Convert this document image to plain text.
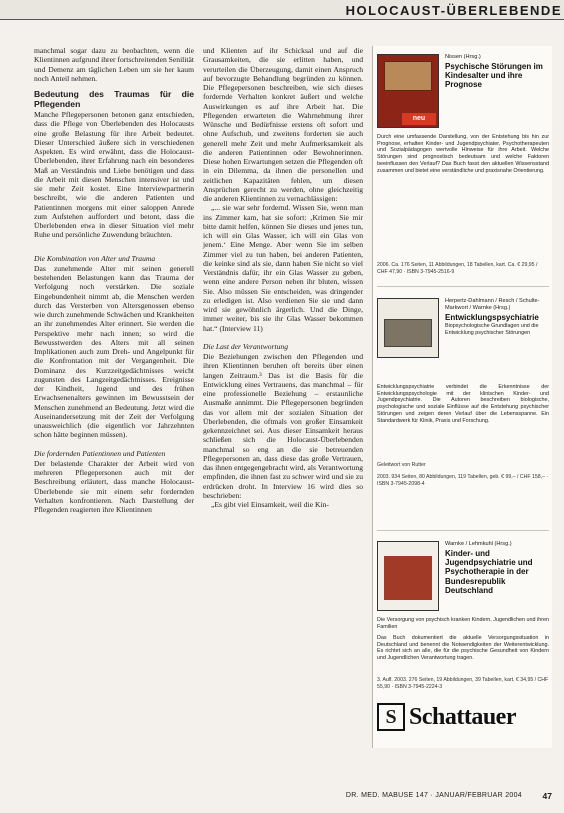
HOLOCAUST-ÜBERLEBENDE

manchmal sogar dazu zu beobachten, wenn die Klientinnen aufgrund ihrer fortschreitenden Senilität und Demenz am täglichen Leben um sie her kaum noch Anteil nehmen.

Bedeutung des Traumas für die Pflegenden

Manche Pflegepersonen betonen ganz entschieden, dass die Pflege von Überlebenden des Holocausts eine große Belastung für ihre Arbeit bedeutet. Dieser Unterschied äußere sich in verschiedenen Aspekten. Es wird erwähnt, dass die Holocaust-Überlebenden, ihrer Erfahrung nach ein besonderes Maß an Verständnis und Liebe benötigen und dass die Arbeit mit diesen Menschen intensiver ist und sie mehr Zeit kostet. Eine Interviewpartnerin beschreibt, wie die anderen Patienten und Patientinnen morgens mit einer saloppen Anrede zum Aufstehen auffordert und betont, dass die Überlebenden etwa in dieser Situation viel mehr Ruhe und persönliche Zuwendung bräuchten.

Die Kombination von Alter und Trauma

Das zunehmende Alter mit seinen generell bestehenden Belastungen kann das Trauma der Verfolgung noch verstärken. Die soziale Eingebundenheit nimmt ab, die Menschen werden durch das Versterben von Altersgenossen ebenso wie durch zunehmende Schwächen und Krankheiten an ihr zunehmendes Alter erinnert. Sie werden die Perspektive mehr nach innen; so wird die Bewusstwerden des Alters mit all seinen Implikationen auch zum Dreh- und Angelpunkt für die Konfrontation mit der Vergangenheit. Die Dominanz des Kurzzeitgedächtnisses weicht zugunsten des Langzeitgedächtnisses. Ereignisse der Kindheit, Jugend und des frühen Erwachsenenalters gewinnen im Bewusstsein der Menschen zunehmend an Bedeutung. Jetzt wird die Auseinandersetzung mit der Zeit der Verfolgung unausweichlich (die eigentlich vor Jahrzehnten schon hätte beginnen müssen).

Die fordernden Patientinnen und Patienten

Der belastende Charakter der Arbeit wird von mehreren Pflegepersonen auch mit der Beschreibung erläutert, dass manche Holocaust-Überlebende sie mit einem sehr fordernden Verhalten konfrontieren. Nach Darstellung der Pflegenden reagierten ihre Klientinnen

und Klienten auf ihr Schicksal und auf die Grausamkeiten, die sie erlitten haben, und verurteilen die Überzeugung, damit einen Anspruch auf bevorzugte Behandlung begründen zu können. Die Pflegepersonen beschreiben, wie sich dieses fordernde Verhalten konkret äußert und welche Auswirkungen es auf ihre Arbeit hat. Die Pflegenden erwarteten die Wahrnehmung ihrer Wünsche und Bedürfnisse erstens oft sofort und ohne Aufschub, und zweitens forderten sie auch generell mehr Zeit und mehr Aufmerksamkeit als die anderen Patientinnen oder Bewohnerinnen. Diese hohen Erwartungen setzen die Pflegenden oft in ein Dilemma, da ihnen die personellen und zeitlichen Kapazitäten fehlen, um diesen Ansprüchen gerecht zu werden, ohne gleichzeitig die anderen Klientinnen zu vernachlässigen:

„... sie war sehr fordernd. Wissen Sie, wenn man ins Zimmer kam, hat sie sofort: ‚Krimen Sie mir bitte damit helfen, können Sie dieses und jenes tun, ich will ein Glas Wasser, ich will ein Glas von jenem.‘ Eine Menge. Aber wenn Sie im selben Zimmer viel zu tun haben, bei anderen Patienten, die keinke sind als sie, dann haben Sie nicht so viel Verständnis dafür, ihr ein Glas Wasser zu geben, wenn eine andere Person neben ihr bluten, wissen Sie. Also müssen Sie entscheiden, was dringender zu erledigen ist. Also verdienen Sie sie und dann wird sie gewöhnlich ärgerlich. Und die Dinge, immer weiter, bis sie ihr Glas Wasser bekommen hat.“ (Interview 11)

Die Last der Verantwortung

Die Beziehungen zwischen den Pflegenden und ihren Klientinnen beruhen oft bereits über einen langen Zeitraum.³ Das ist die Basis für die Entwicklung eines Vertrauens, das manchmal – für eine professionelle Beziehung – erstaunliche Ausmaße annimmt. Die Pflegepersonen begründen das vor allem mit der sozialen Situation der Überlebenden, die oftmals von großer Einsamkeit gekennzeichnet sei. Aus dieser Einsamkeit heraus schließen sich die Holocaust-Überlebenden manchmal so eng an die sie betreuenden Pflegepersonen an, dass diese das große Vertrauen, das ihnen entgegengebracht wird, als Verantwortung empfinden, die ihnen fast zu schwer wird und sie zu erdrücken droht. In Interview 16 wird dies so beschrieben:

„Es gibt viel Einsamkeit, weil die Kin-

neu
Nissen (Hrsg.)
Psychische Störungen im Kindesalter und ihre Prognose
Durch eine umfassende Darstellung, von der Entstehung bis hin zur Prognose, erhalten Kinder- und Jugendpsychiater, Psychotherapeuten und Sozialpädagogen wertvolle Hinweise für ihre Arbeit. Welche Störungen sind prognostisch bedeutsam und welche Faktoren beeinflussen den Verlauf? Das Buch fasst den aktuellen Wissensstand zusammen und bietet eine verständliche und praxisnahe Orientierung.
2006. Ca. 176 Seiten, 11 Abbildungen, 18 Tabellen, kart. Ca. € 29,95 / CHF 47,90 · ISBN 3-7945-2516-9
Herpertz-Dahlmann / Resch / Schulte-Markwort / Warnke (Hrsg.)
Entwicklungspsychiatrie
Biopsychologische Grundlagen und die Entwicklung psychischer Störungen
Entwicklungspsychiatrie verbindet die Erkenntnisse der Entwicklungspsychologie mit der klinischen Kinder- und Jugendpsychiatrie. Die Autoren beschreiben biologische, psychologische und soziale Einflüsse auf die Entstehung psychischer Störungen und zeigen deren Verlauf über die Lebensspanne. Ein Standardwerk für Klinik, Praxis und Forschung.
Geleitwort von Rutter
2003. 934 Seiten, 80 Abbildungen, 119 Tabellen, geb. € 99,– / CHF 158,– · ISBN 3-7945-2098-4
Warnke / Lehmkuhl (Hrsg.)
Kinder- und Jugendpsychiatrie und Psychotherapie in der Bundesrepublik Deutschland
Die Versorgung von psychisch kranken Kindern, Jugendlichen und ihren Familien
Das Buch dokumentiert die aktuelle Versorgungssituation in Deutschland und benennt die Notwendigkeiten der Weiterentwicklung. Es richtet sich an alle, die für die psychische Gesundheit von Kindern und Jugendlichen Verantwortung tragen.
3. Aufl. 2003. 276 Seiten, 19 Abbildungen, 39 Tabellen, kart. € 34,95 / CHF 55,90 · ISBN 3-7945-2224-3
S Schattauer
DR. MED. MABUSE 147 · JANUAR/FEBRUAR 2004 47
